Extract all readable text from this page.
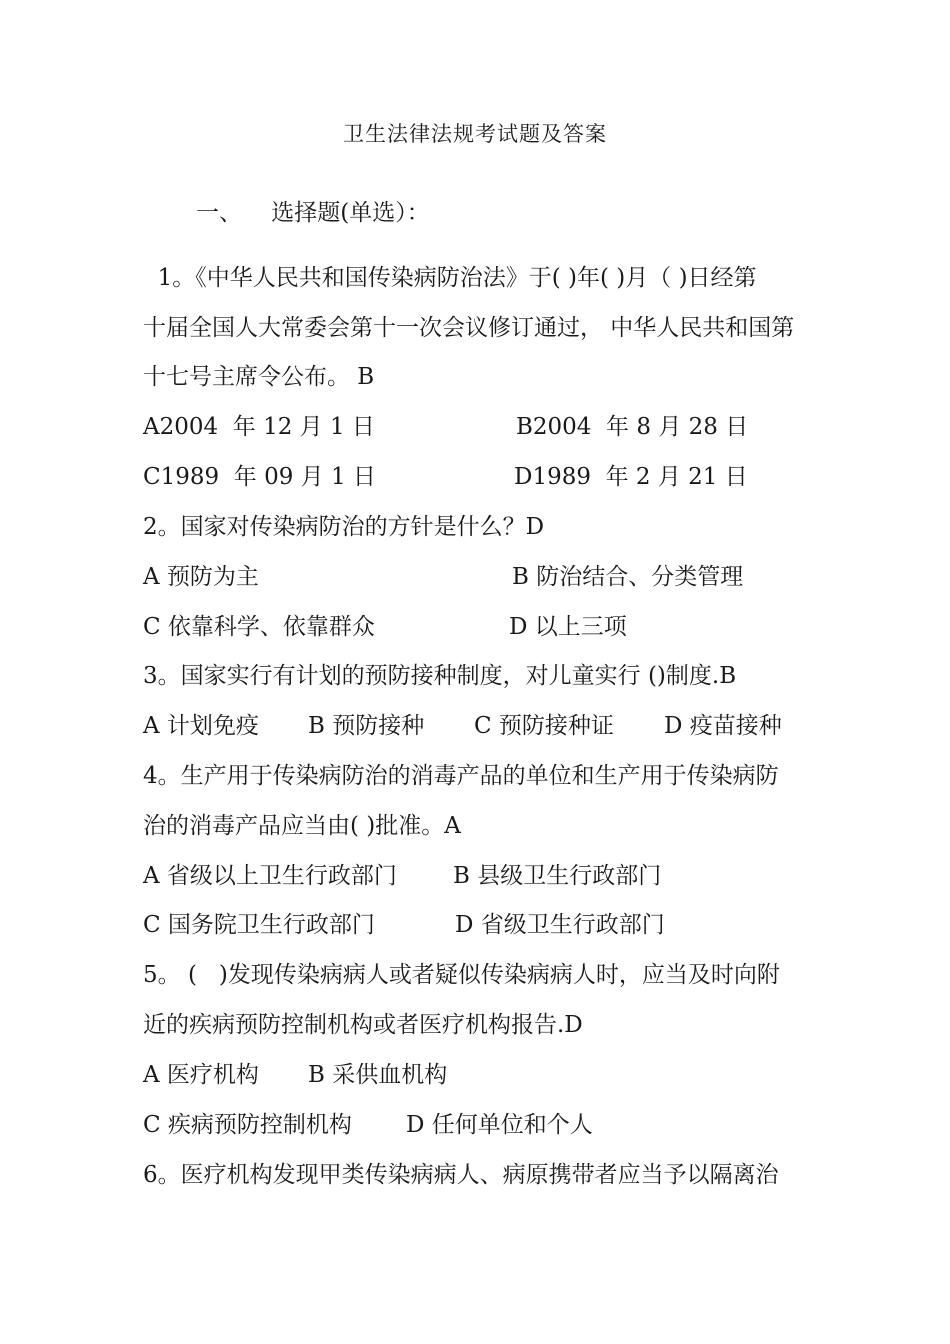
卫生法律法规考试题及答案
一、    选择题(单选）：
1。《中华人民共和国传染病防治法》于( )年( )月（ )日经第
十届全国人大常委会第十一次会议修订通过， 中华人民共和国第
十七号主席令公布。 B
A2004  年 12 月 1 日	B2004  年 8 月 28 日
C1989  年 09 月 1 日	D1989  年 2 月 21 日
2。国家对传染病防治的方针是什么？D
A 预防为主	B 防治结合、分类管理
C 依靠科学、依靠群众	D 以上三项
3。国家实行有计划的预防接种制度，对儿童实行 ()制度.B
A 计划免疫 B 预防接种 C 预防接种证 D 疫苗接种
4。生产用于传染病防治的消毒产品的单位和生产用于传染病防
治的消毒产品应当由( )批准。A
A 省级以上卫生行政部门 B 县级卫生行政部门
C 国务院卫生行政部门	D 省级卫生行政部门
5。 (   )发现传染病病人或者疑似传染病病人时，应当及时向附
近的疾病预防控制机构或者医疗机构报告.D
A 医疗机构 B 采供血机构
C 疾病预防控制机构 D 任何单位和个人
6。医疗机构发现甲类传染病病人、病原携带者应当予以隔离治
